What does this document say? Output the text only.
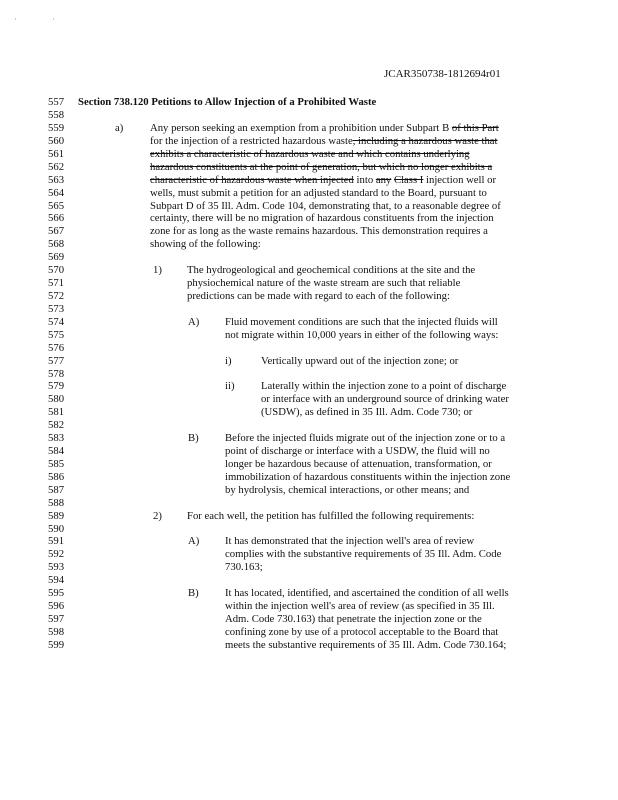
·	·
JCAR350738-1812694r01
557	Section 738.120 Petitions to Allow Injection of a Prohibited Waste
558
559	a) Any person seeking an exemption from a prohibition under Subpart B of this Part
560	for the injection of a restricted hazardous waste, including a hazardous waste that
561	exhibits a characteristic of hazardous waste and which contains underlying
562	hazardous constituents at the point of generation, but which no longer exhibits a
563	characteristic of hazardous waste when injected into any Class I injection well or
564	wells, must submit a petition for an adjusted standard to the Board, pursuant to
565	Subpart D of 35 Ill. Adm. Code 104, demonstrating that, to a reasonable degree of
566	certainty, there will be no migration of hazardous constituents from the injection
567	zone for as long as the waste remains hazardous. This demonstration requires a
568	showing of the following:
569
570	1) The hydrogeological and geochemical conditions at the site and the
571	physiochemical nature of the waste stream are such that reliable
572	predictions can be made with regard to each of the following:
573
574	A) Fluid movement conditions are such that the injected fluids will
575	not migrate within 10,000 years in either of the following ways:
576
577	i)	Vertically upward out of the injection zone; or
578
579	ii) Laterally within the injection zone to a point of discharge
580	or interface with an underground source of drinking water
581	(USDW), as defined in 35 Ill. Adm. Code 730; or
582
583	B) Before the injected fluids migrate out of the injection zone or to a
584	point of discharge or interface with a USDW, the fluid will no
585	longer be hazardous because of attenuation, transformation, or
586	immobilization of hazardous constituents within the injection zone
587	by hydrolysis, chemical interactions, or other means; and
588
589	2) For each well, the petition has fulfilled the following requirements:
590
591	A) It has demonstrated that the injection well's area of review
592	complies with the substantive requirements of 35 Ill. Adm. Code
593	730.163;
594
595	B) It has located, identified, and ascertained the condition of all wells
596	within the injection well's area of review (as specified in 35 Ill.
597	Adm. Code 730.163) that penetrate the injection zone or the
598	confining zone by use of a protocol acceptable to the Board that
599	meets the substantive requirements of 35 Ill. Adm. Code 730.164;
